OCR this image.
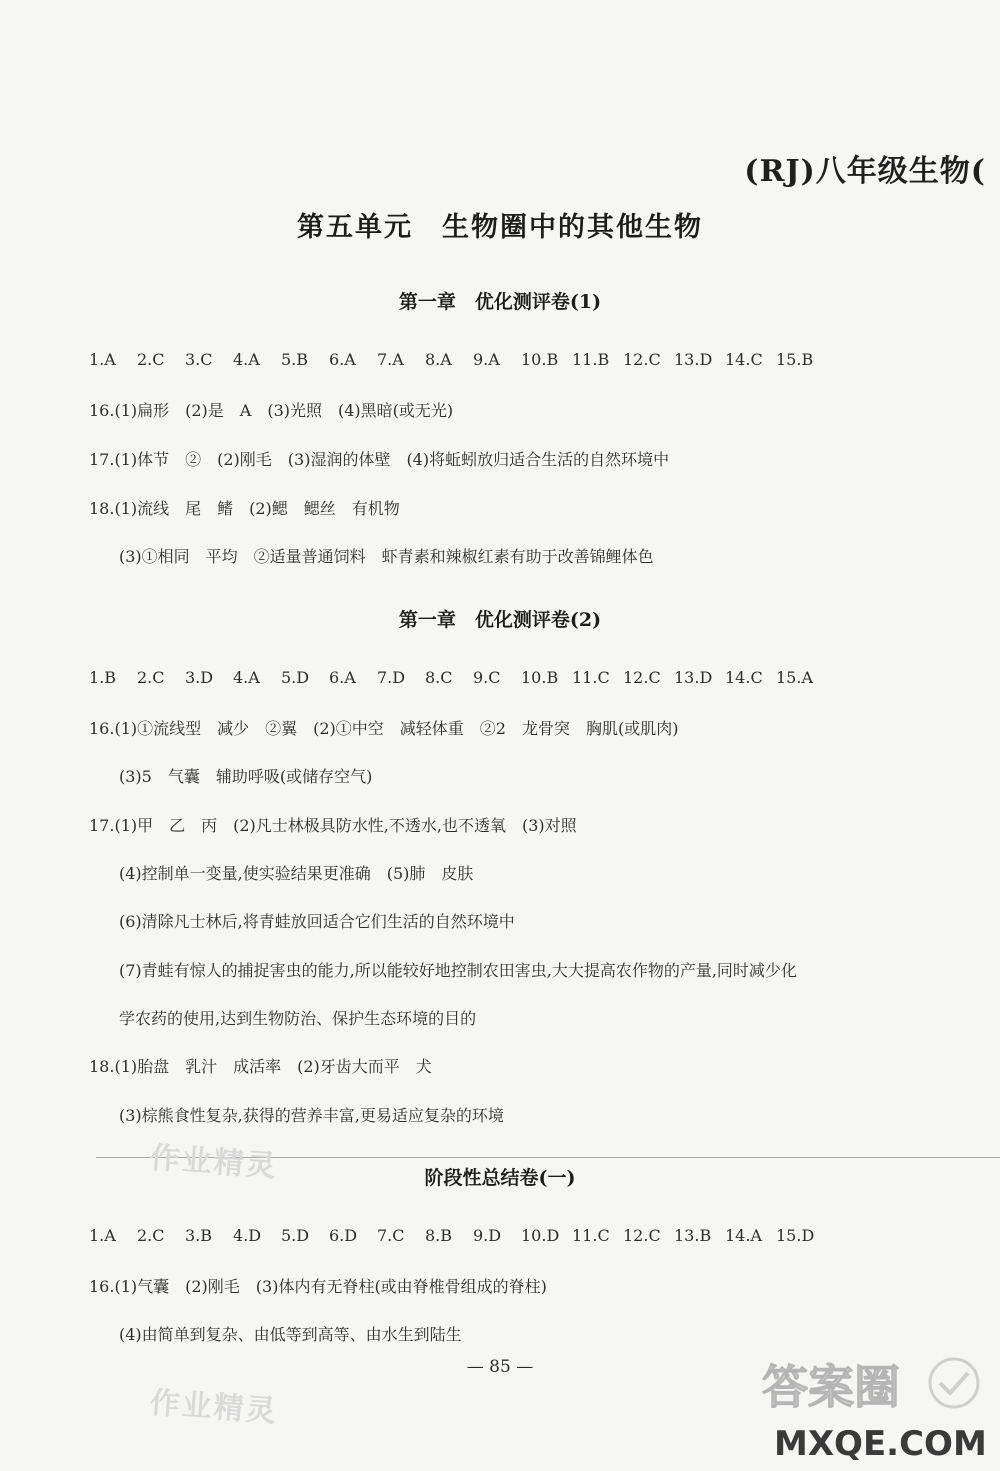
(RJ)八年级生物(
第五单元　生物圈中的其他生物
第一章　优化测评卷(1)
1.A	2.C	3.C	4.A	5.B	6.A	7.A	8.A	9.A	10.B 11.B 12.C 13.D 14.C 15.B
16.(1)扁形　(2)是　A　(3)光照　(4)黑暗(或无光)
17.(1)体节　②　(2)刚毛　(3)湿润的体壁　(4)将蚯蚓放归适合生活的自然环境中
18.(1)流线　尾　鳍　(2)鳃　鳃丝　有机物
(3)①相同　平均　②适量普通饲料　虾青素和辣椒红素有助于改善锦鲤体色
第一章　优化测评卷(2)
1.B	2.C	3.D	4.A	5.D	6.A	7.D	8.C	9.C	10.B 11.C 12.C 13.D 14.C 15.A
16.(1)①流线型　减少　②翼　(2)①中空　减轻体重　②2　龙骨突　胸肌(或肌肉)
(3)5　气囊　辅助呼吸(或储存空气)
17.(1)甲　乙　丙　(2)凡士林极具防水性,不透水,也不透氧　(3)对照
(4)控制单一变量,使实验结果更准确　(5)肺　皮肤
(6)清除凡士林后,将青蛙放回适合它们生活的自然环境中
(7)青蛙有惊人的捕捉害虫的能力,所以能较好地控制农田害虫,大大提高农作物的产量,同时减少化
学农药的使用,达到生物防治、保护生态环境的目的
18.(1)胎盘　乳汁　成活率　(2)牙齿大而平　犬
(3)棕熊食性复杂,获得的营养丰富,更易适应复杂的环境
阶段性总结卷(一)
1.A	2.C	3.B	4.D	5.D	6.D	7.C	8.B	9.D	10.D 11.C 12.C 13.B 14.A 15.D
16.(1)气囊　(2)刚毛　(3)体内有无脊柱(或由脊椎骨组成的脊柱)
(4)由简单到复杂、由低等到高等、由水生到陆生
— 85 —
作业精灵
作业精灵	答案圈
MXQE.COM
